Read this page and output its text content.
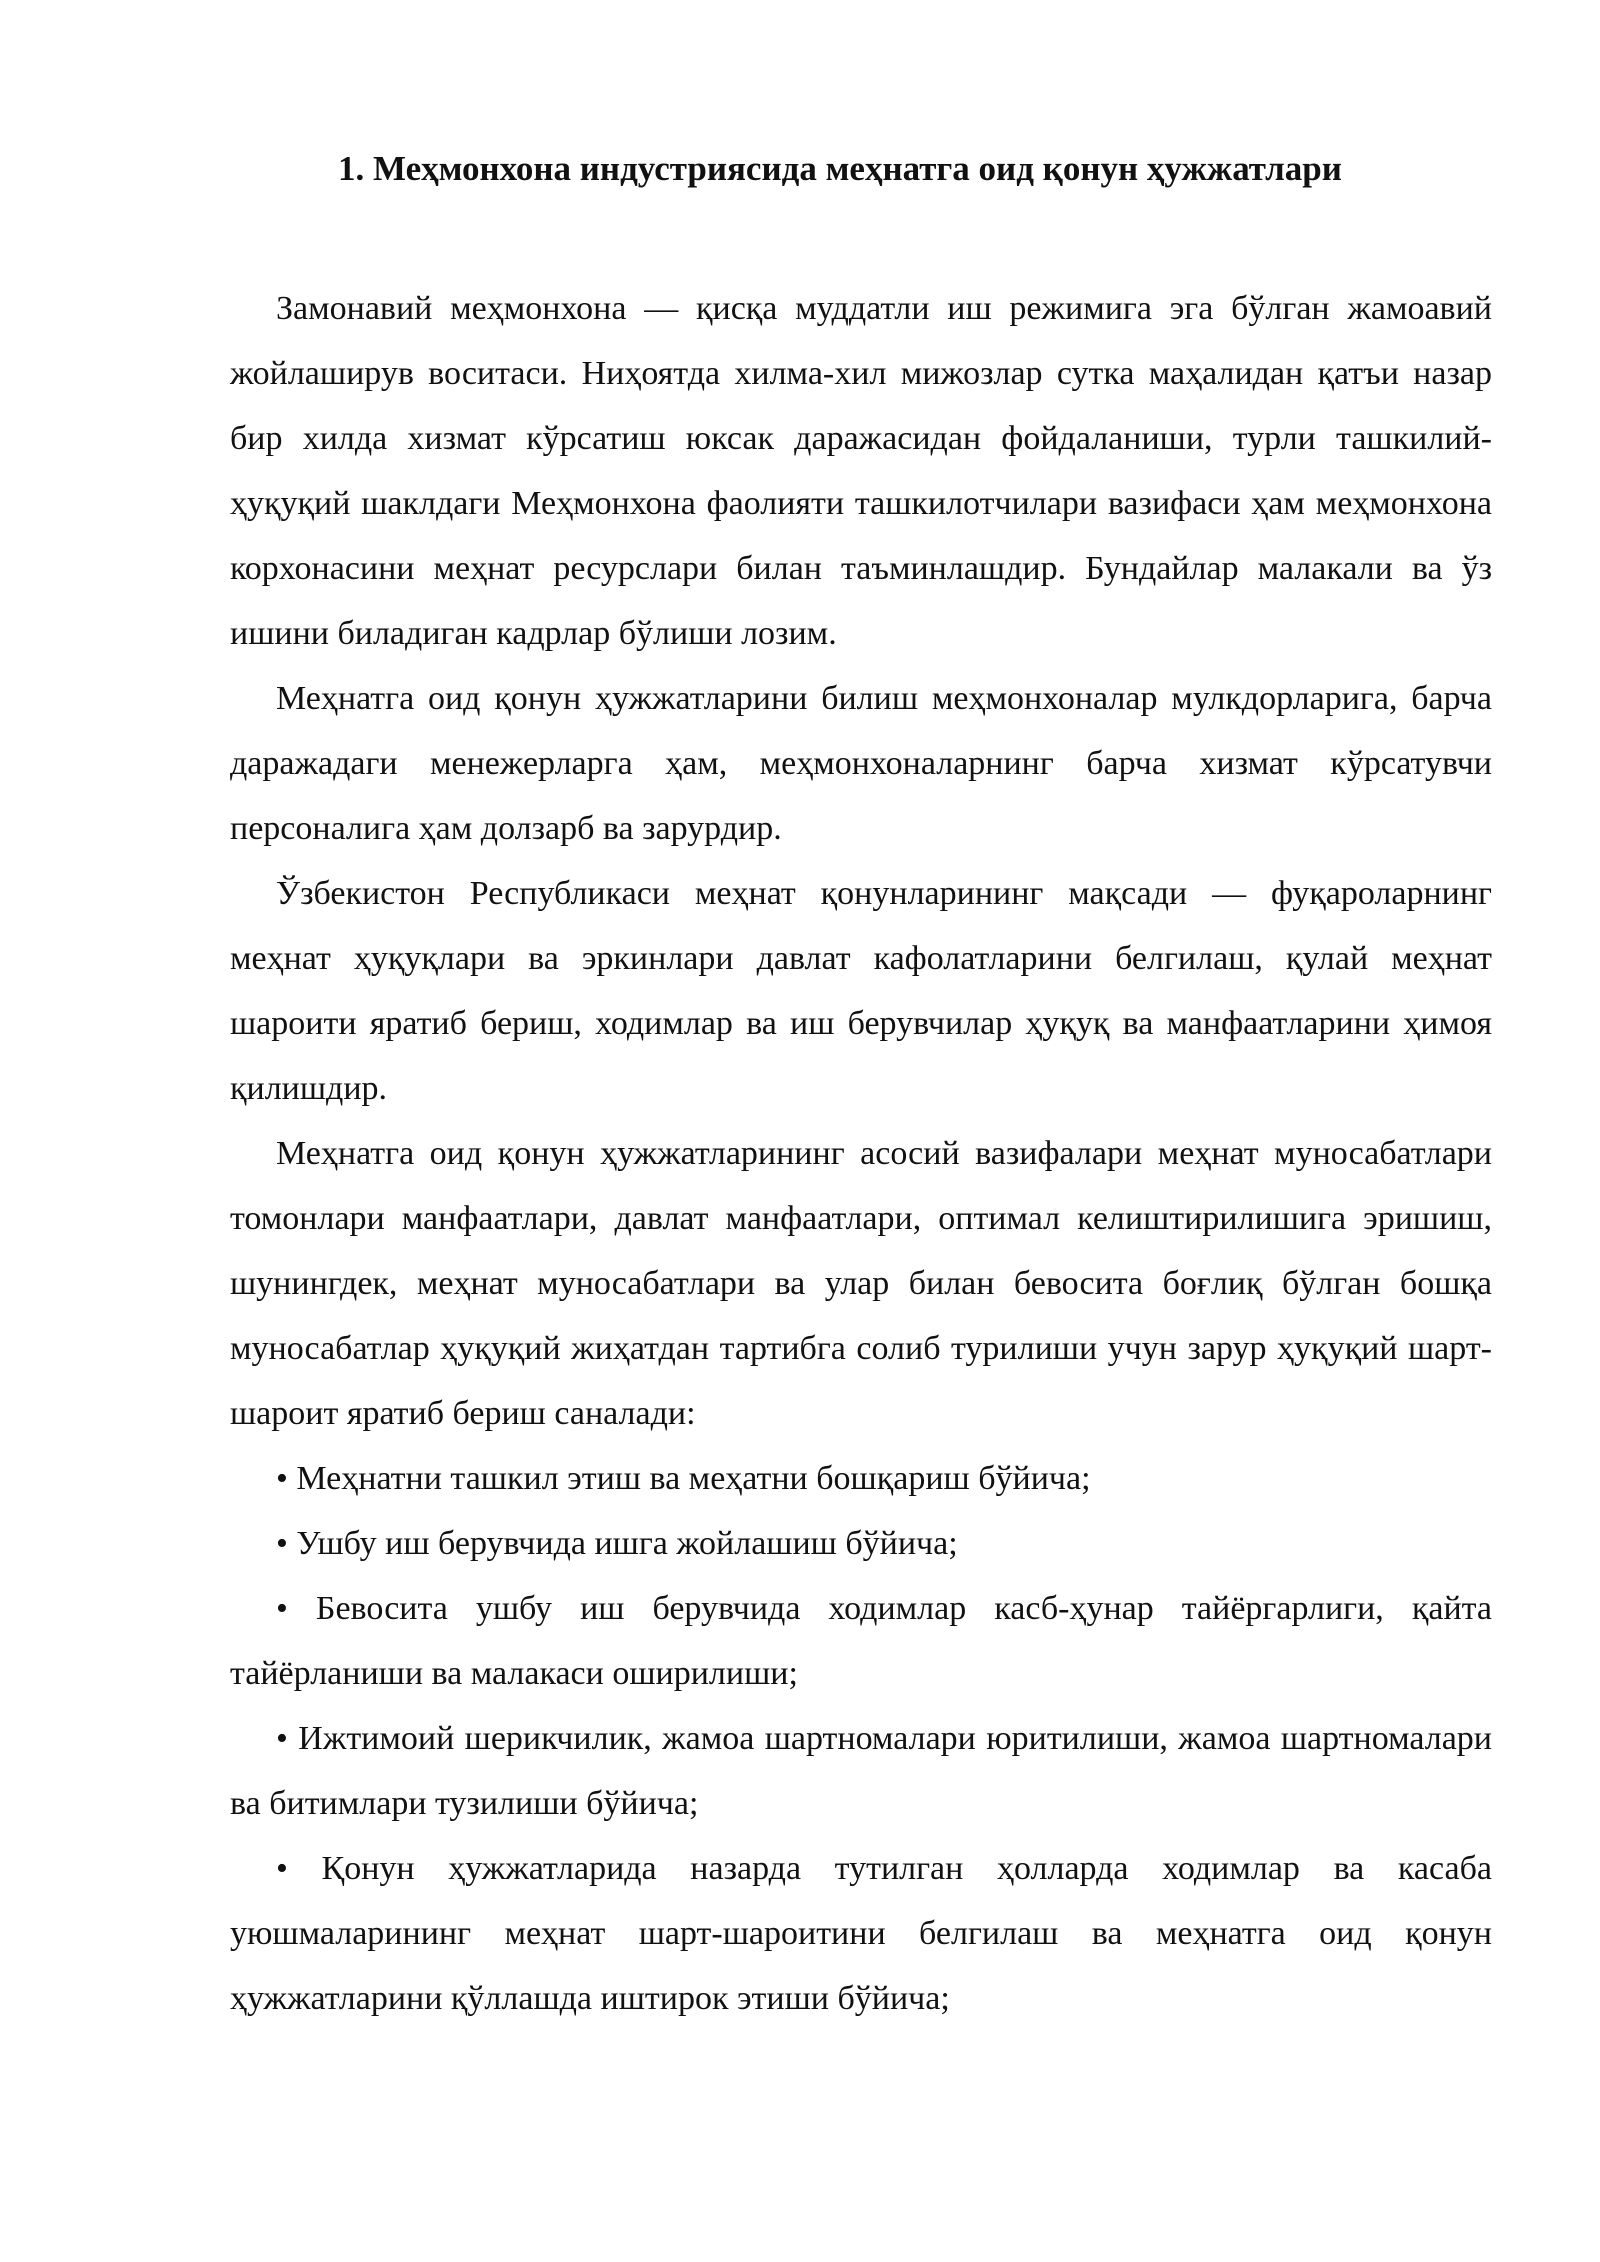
1. Меҳмонхона индустриясида меҳнатга оид қонун ҳужжатлари

Замонавий меҳмонхона — қисқа муддатли иш режимига эга бўлган жамоавий жойлаширув воситаси. Ниҳоятда хилма-хил мижозлар сутка маҳалидан қатъи назар бир хилда хизмат кўрсатиш юксак даражасидан фойдаланиши, турли ташкилий-ҳуқуқий шаклдаги Меҳмонхона фаолияти ташкилотчилари вазифаси ҳам меҳмонхона корхонасини меҳнат ресурслари билан таъминлашдир. Бундайлар малакали ва ўз ишини биладиган кадрлар бўлиши лозим.

Меҳнатга оид қонун ҳужжатларини билиш меҳмонхоналар мулкдорларига, барча даражадаги менежерларга ҳам, меҳмонхоналарнинг барча хизмат кўрсатувчи персоналига ҳам долзарб ва зарурдир.

Ўзбекистон Республикаси меҳнат қонунларининг мақсади — фуқароларнинг меҳнат ҳуқуқлари ва эркинлари давлат кафолатларини белгилаш, қулай меҳнат шароити яратиб бериш, ходимлар ва иш берувчилар ҳуқуқ ва манфаатларини ҳимоя қилишдир.

Меҳнатга оид қонун ҳужжатларининг асосий вазифалари меҳнат муносабатлари томонлари манфаатлари, давлат манфаатлари, оптимал келиштирилишига эришиш, шунингдек, меҳнат муносабатлари ва улар билан бевосита боғлиқ бўлган бошқа муносабатлар ҳуқуқий жиҳатдан тартибга солиб турилиши учун зарур ҳуқуқий шарт-шароит яратиб бериш саналади:

• Меҳнатни ташкил этиш ва меҳатни бошқариш бўйича;

• Ушбу иш берувчида ишга жойлашиш бўйича;

• Бевосита ушбу иш берувчида ходимлар касб-ҳунар тайёргарлиги, қайта тайёрланиши ва малакаси оширилиши;

• Ижтимоий шерикчилик, жамоа шартномалари юритилиши, жамоа шартномалари ва битимлари тузилиши бўйича;

• Қонун ҳужжатларида назарда тутилган ҳолларда ходимлар ва касаба уюшмаларининг меҳнат шарт-шароитини белгилаш ва меҳнатга оид қонун ҳужжатларини қўллашда иштирок этиши бўйича;
